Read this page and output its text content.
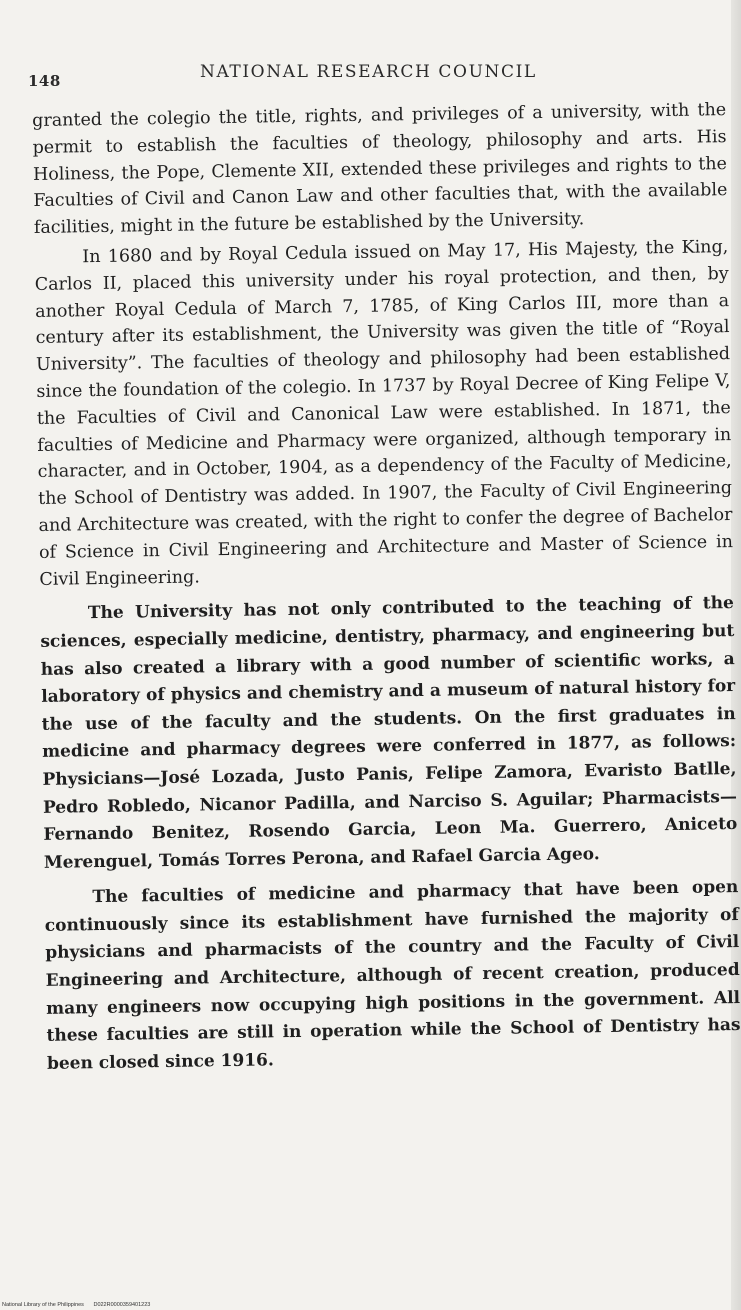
148	NATIONAL RESEARCH COUNCIL

granted the colegio the title, rights, and privileges of a university, with the permit to establish the faculties of theology, philosophy and arts. His Holiness, the Pope, Clemente XII, extended these privileges and rights to the Faculties of Civil and Canon Law and other faculties that, with the available facilities, might in the future be established by the University.

In 1680 and by Royal Cedula issued on May 17, His Majesty, the King, Carlos II, placed this university under his royal protection, and then, by another Royal Cedula of March 7, 1785, of King Carlos III, more than a century after its establishment, the University was given the title of “Royal University”. The faculties of theology and philosophy had been established since the foundation of the colegio. In 1737 by Royal Decree of King Felipe V, the Faculties of Civil and Canonical Law were established. In 1871, the faculties of Medicine and Pharmacy were organized, although temporary in character, and in October, 1904, as a dependency of the Faculty of Medicine, the School of Dentistry was added. In 1907, the Faculty of Civil Engineering and Architecture was created, with the right to confer the degree of Bachelor of Science in Civil Engineering and Architecture and Master of Science in Civil Engineering.

The University has not only contributed to the teaching of the sciences, especially medicine, dentistry, pharmacy, and engineering but has also created a library with a good number of scientific works, a laboratory of physics and chemistry and a museum of natural history for the use of the faculty and the students. On the first graduates in medicine and pharmacy degrees were conferred in 1877, as follows: Physicians—José Lozada, Justo Panis, Felipe Zamora, Evaristo Batlle, Pedro Robledo, Nicanor Padilla, and Narciso S. Aguilar; Pharmacists—Fernando Benitez, Rosendo Garcia, Leon Ma. Guerrero, Aniceto Merenguel, Tomás Torres Perona, and Rafael Garcia Ageo.

The faculties of medicine and pharmacy that have been open continuously since its establishment have furnished the majority of physicians and pharmacists of the country and the Faculty of Civil Engineering and Architecture, although of recent creation, produced many engineers now occupying high positions in the government. All these faculties are still in operation while the School of Dentistry has been closed since 1916.

National Library of the Philippines D022R0000359401223
